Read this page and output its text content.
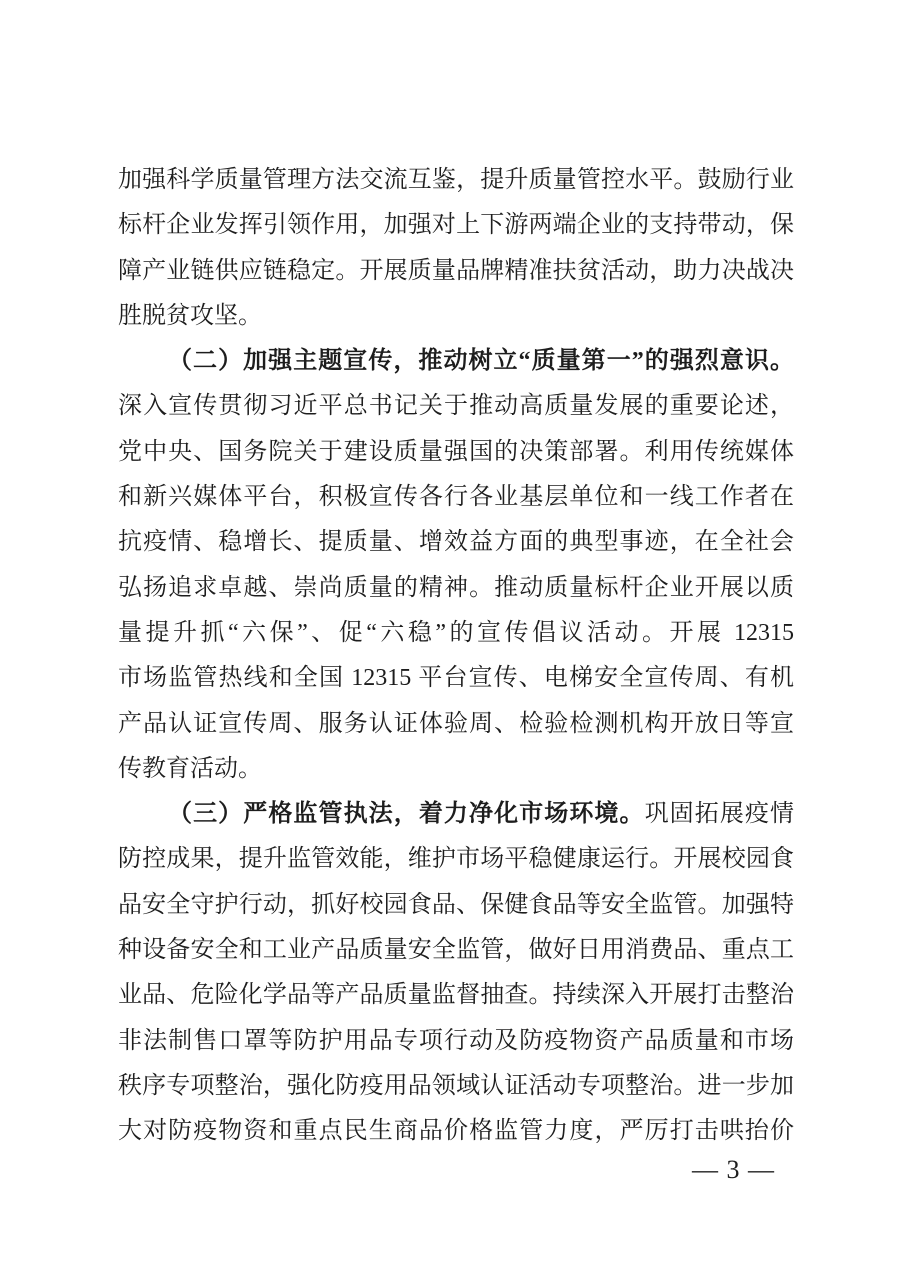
加强科学质量管理方法交流互鉴，提升质量管控水平。鼓励行业
标杆企业发挥引领作用，加强对上下游两端企业的支持带动，保
障产业链供应链稳定。开展质量品牌精准扶贫活动，助力决战决
胜脱贫攻坚。
（二）加强主题宣传，推动树立“质量第一”的强烈意识。
深入宣传贯彻习近平总书记关于推动高质量发展的重要论述，
党中央、国务院关于建设质量强国的决策部署。利用传统媒体
和新兴媒体平台，积极宣传各行各业基层单位和一线工作者在
抗疫情、稳增长、提质量、增效益方面的典型事迹，在全社会
弘扬追求卓越、崇尚质量的精神。推动质量标杆企业开展以质
量提升抓“六保”、促“六稳”的宣传倡议活动。开展 12315
市场监管热线和全国 12315 平台宣传、电梯安全宣传周、有机
产品认证宣传周、服务认证体验周、检验检测机构开放日等宣
传教育活动。
（三）严格监管执法，着力净化市场环境。巩固拓展疫情
防控成果，提升监管效能，维护市场平稳健康运行。开展校园食
品安全守护行动，抓好校园食品、保健食品等安全监管。加强特
种设备安全和工业产品质量安全监管，做好日用消费品、重点工
业品、危险化学品等产品质量监督抽查。持续深入开展打击整治
非法制售口罩等防护用品专项行动及防疫物资产品质量和市场
秩序专项整治，强化防疫用品领域认证活动专项整治。进一步加
大对防疫物资和重点民生商品价格监管力度，严厉打击哄抬价
— 3 —
